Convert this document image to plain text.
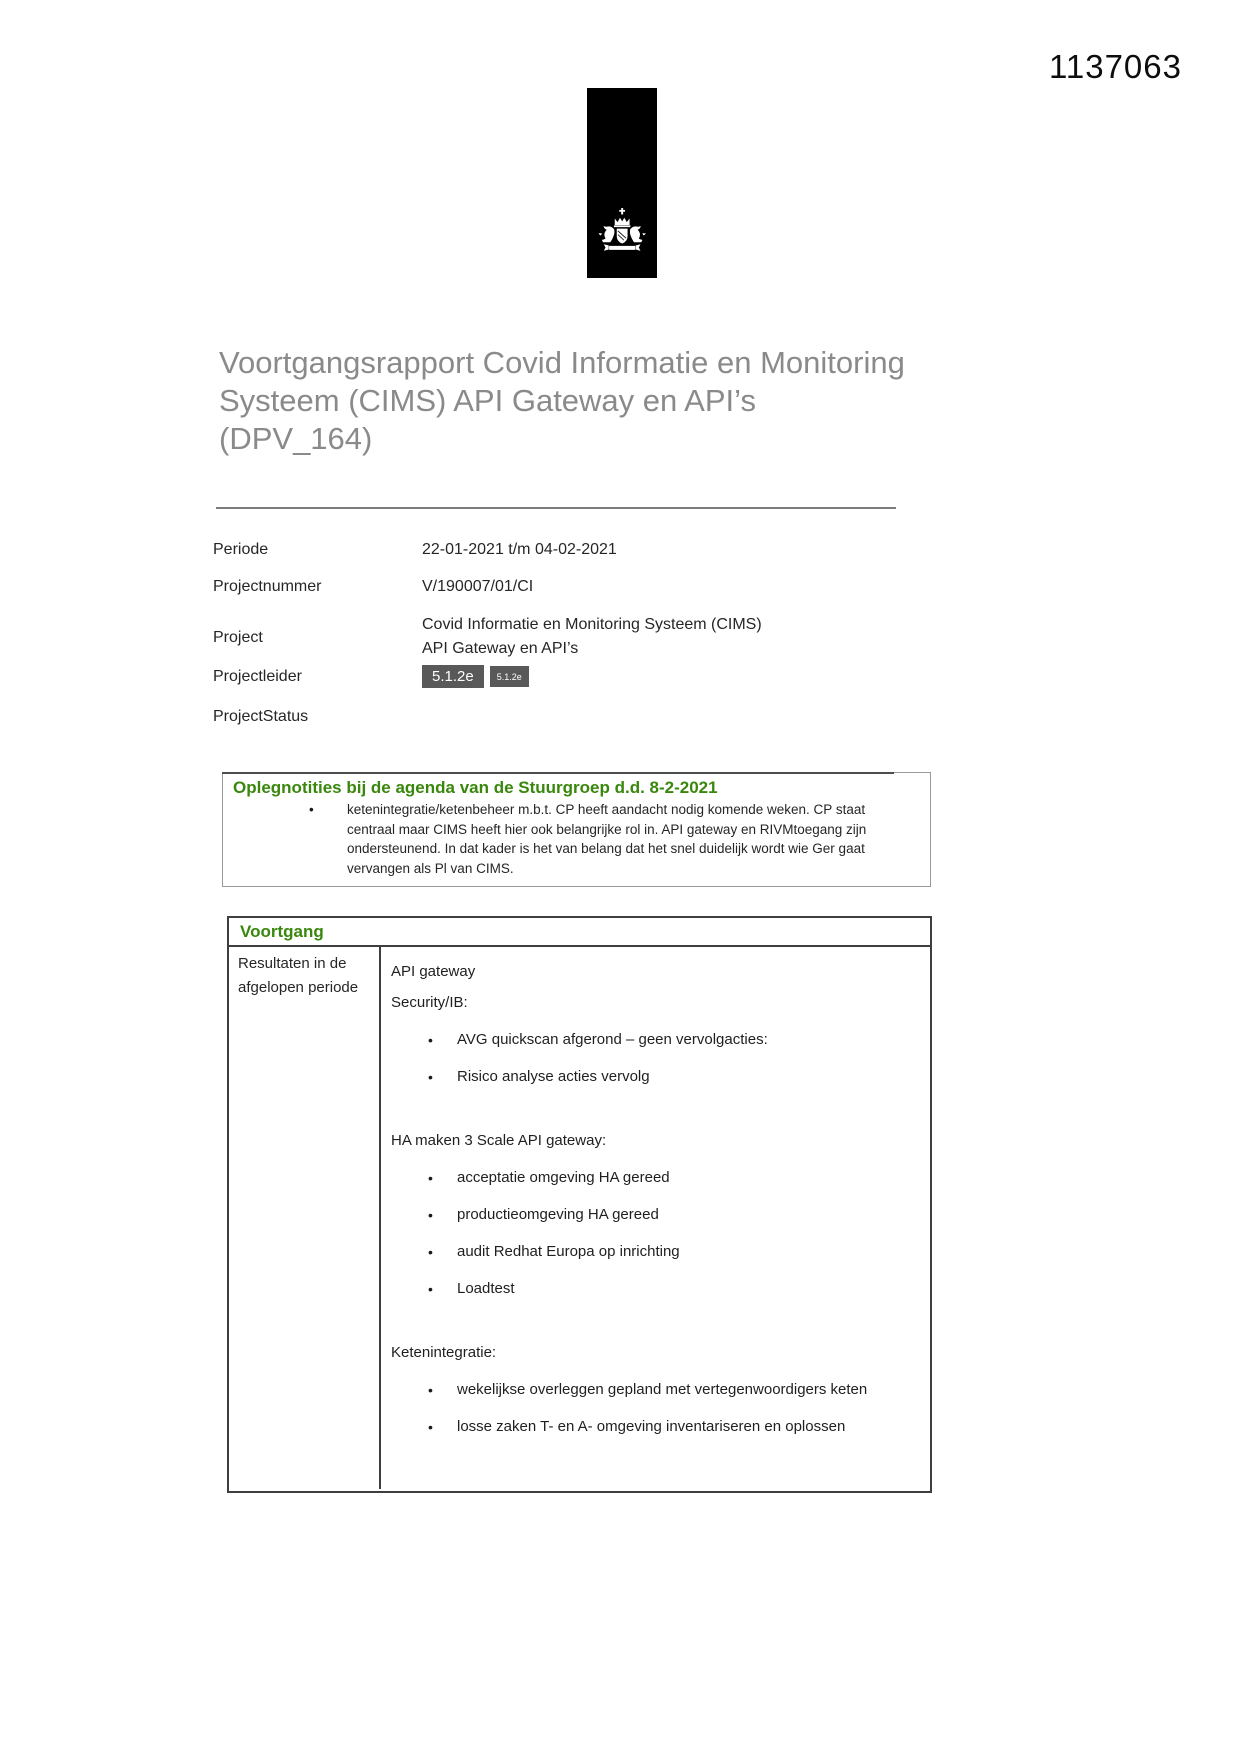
1137063
Voortgangsrapport Covid Informatie en Monitoring
Systeem (CIMS) API Gateway en API’s
(DPV_164)
Periode	22-01-2021 t/m 04-02-2021
Projectnummer	V/190007/01/CI
Project
Covid Informatie en Monitoring Systeem (CIMS)
API Gateway en API’s
Projectleider	5.1.2e	5.1.2e
ProjectStatus
Oplegnotities bij de agenda van de Stuurgroep d.d. 8-2-2021
• ketenintegratie/ketenbeheer m.b.t. CP heeft aandacht nodig komende weken. CP staat centraal maar CIMS heeft hier ook belangrijke rol in. API gateway en RIVMtoegang zijn ondersteunend. In dat kader is het van belang dat het snel duidelijk wordt wie Ger gaat vervangen als Pl van CIMS.

Voortgang
Resultaten in de
afgelopen periode
API gateway
Security/IB:
• AVG quickscan afgerond – geen vervolgacties:
• Risico analyse acties vervolg
HA maken 3 Scale API gateway:
• acceptatie omgeving HA gereed
• productieomgeving HA gereed
• audit Redhat Europa op inrichting
• Loadtest
Ketenintegratie:
• wekelijkse overleggen gepland met vertegenwoordigers keten
• losse zaken T- en A- omgeving inventariseren en oplossen
